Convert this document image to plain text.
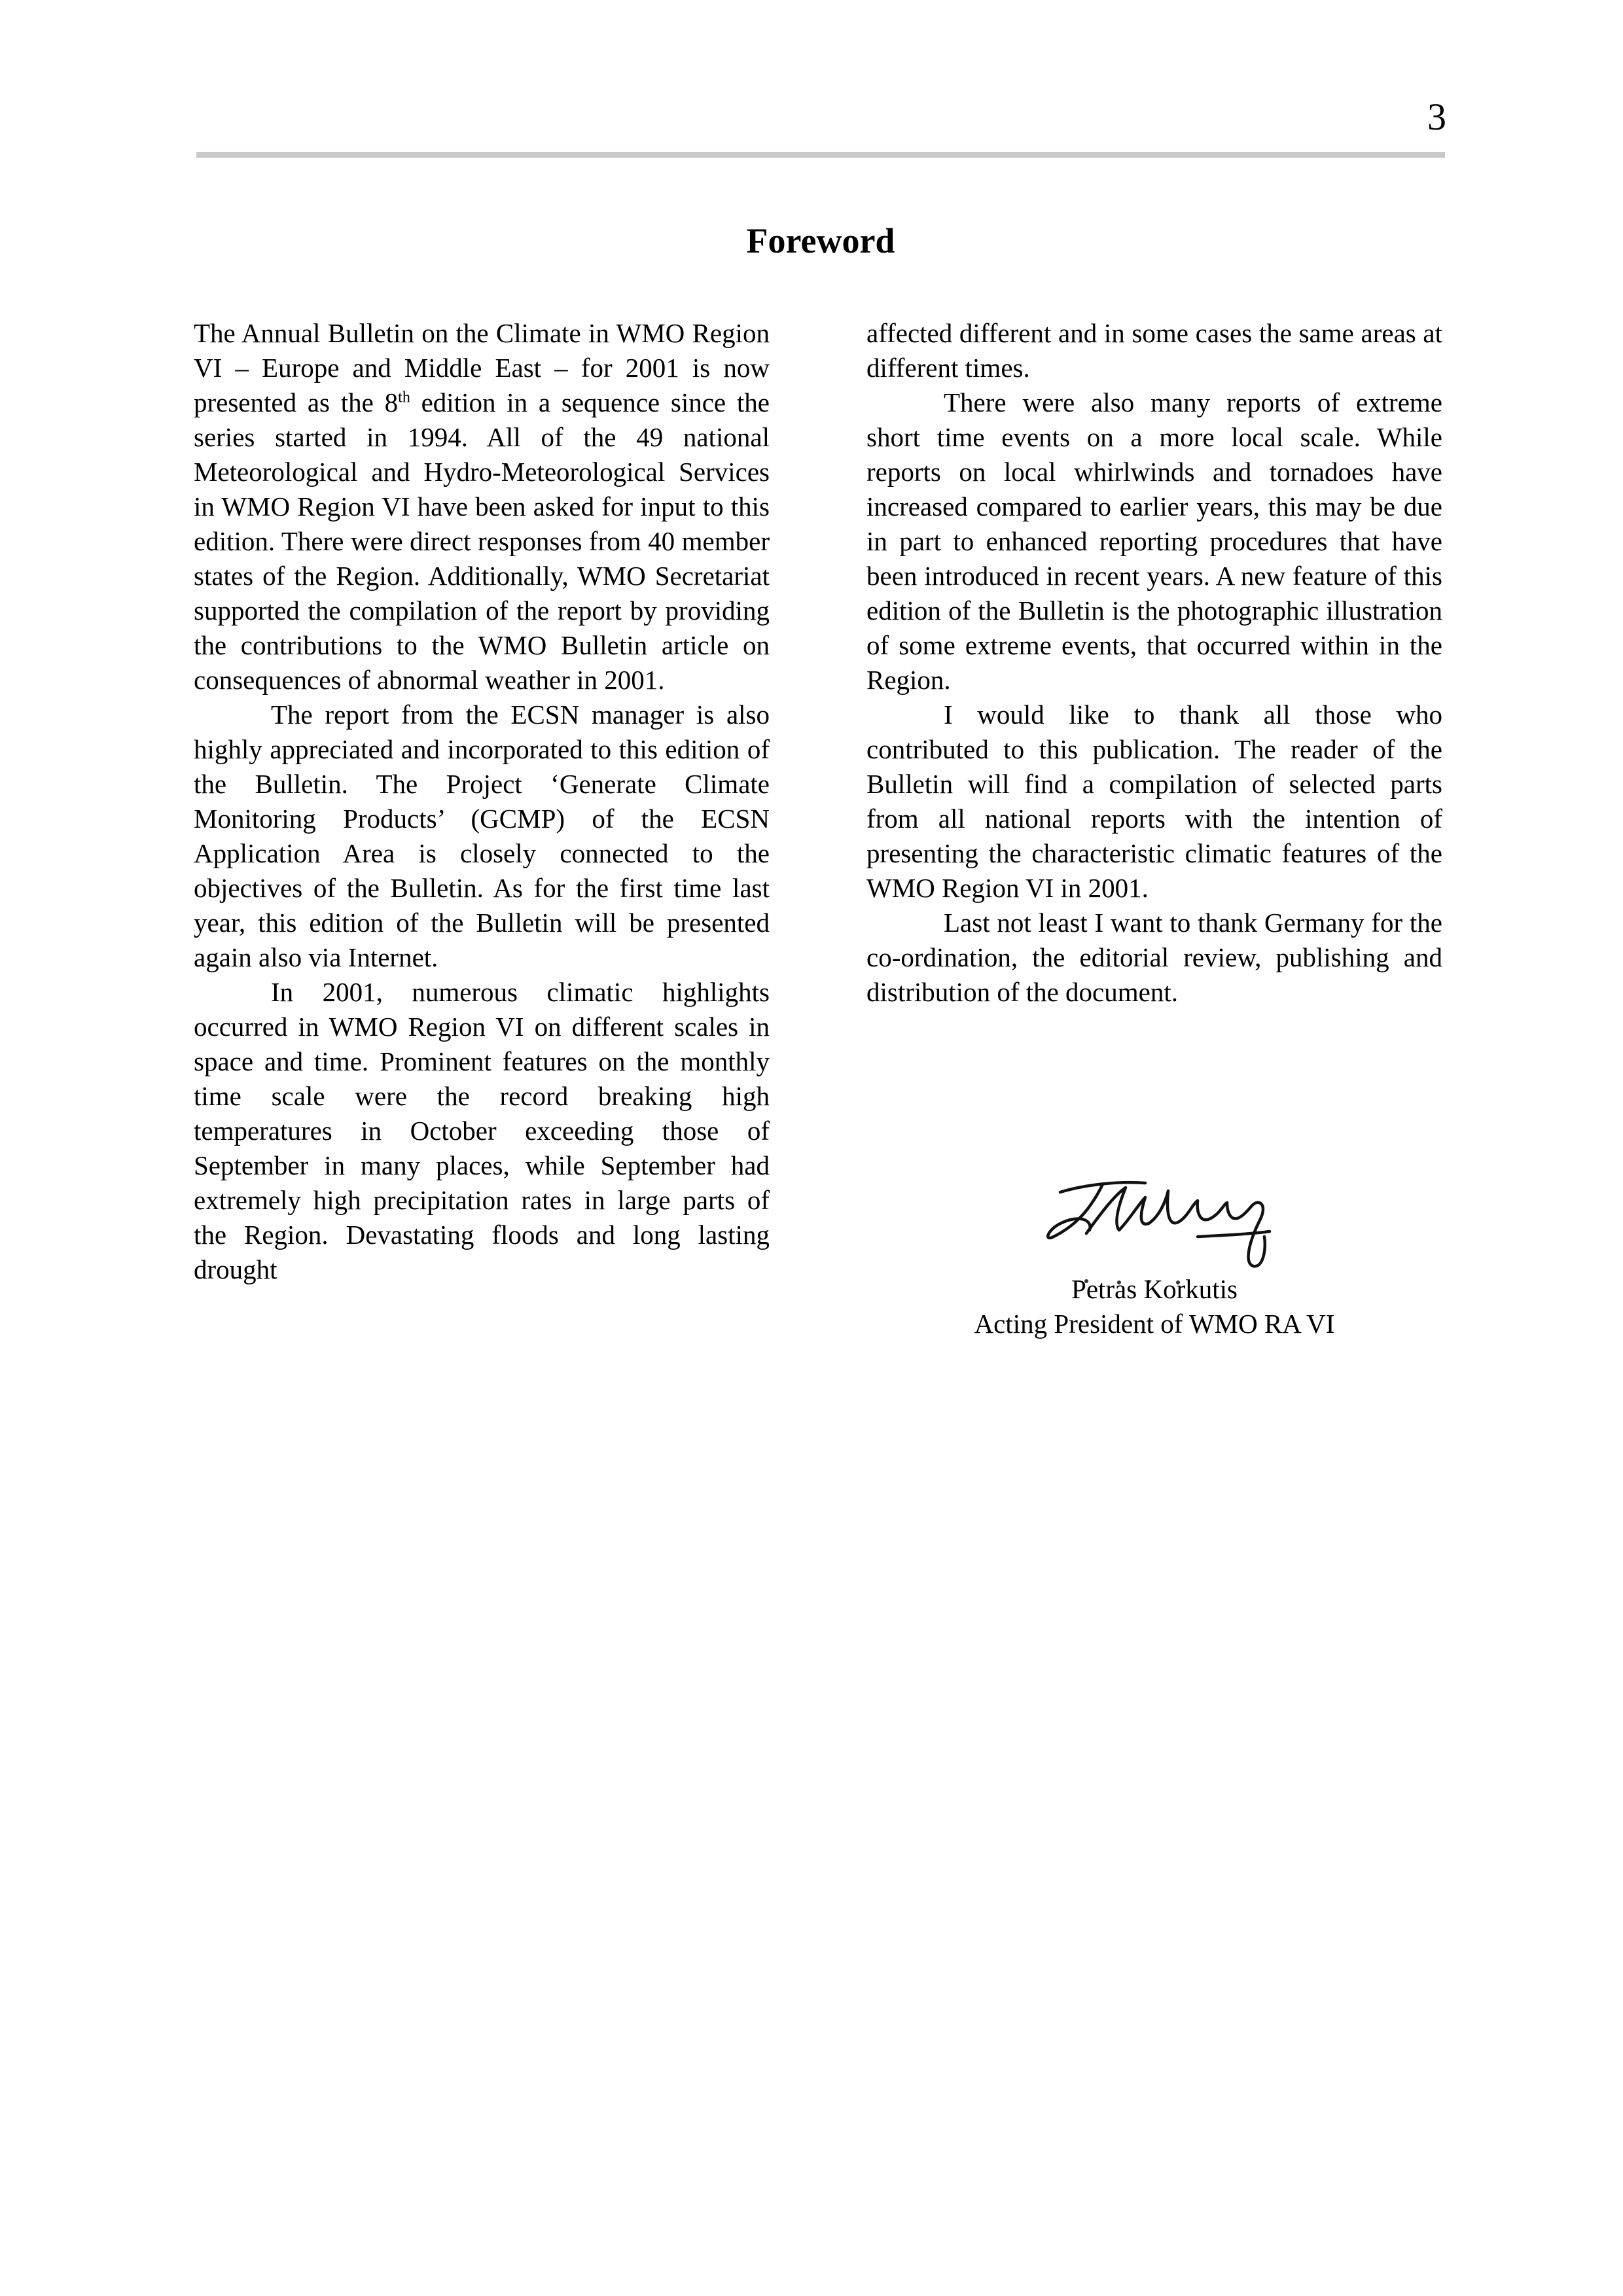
3
Foreword

The Annual Bulletin on the Climate in WMO Region VI – Europe and Middle East – for 2001 is now presented as the 8th edition in a sequence since the series started in 1994. All of the 49 national Meteorological and Hydro-Meteorological Services in WMO Region VI have been asked for input to this edition. There were direct responses from 40 member states of the Region. Additionally, WMO Secretariat supported the compilation of the report by providing the contributions to the WMO Bulletin article on consequences of abnormal weather in 2001.

The report from the ECSN manager is also highly appreciated and incorporated to this edition of the Bulletin. The Project ‘Generate Climate Monitoring Products’ (GCMP) of the ECSN Application Area is closely connected to the objectives of the Bulletin. As for the first time last year, this edition of the Bulletin will be presented again also via Internet.

In 2001, numerous climatic highlights occurred in WMO Region VI on different scales in space and time. Prominent features on the monthly time scale were the record breaking high temperatures in October exceeding those of September in many places, while September had extremely high precipitation rates in large parts of the Region. Devastating floods and long lasting drought

affected different and in some cases the same areas at different times.

There were also many reports of extreme short time events on a more local scale. While reports on local whirlwinds and tornadoes have increased compared to earlier years, this may be due in part to enhanced reporting procedures that have been introduced in recent years. A new feature of this edition of the Bulletin is the photographic illustration of some extreme events, that occurred within in the Region.

I would like to thank all those who contributed to this publication. The reader of the Bulletin will find a compilation of selected parts from all national reports with the intention of presenting the characteristic climatic features of the WMO Region VI in 2001.

Last not least I want to thank Germany for the co-ordination, the editorial review, publishing and distribution of the document.

Petras Korkutis
Acting President of WMO RA VI
